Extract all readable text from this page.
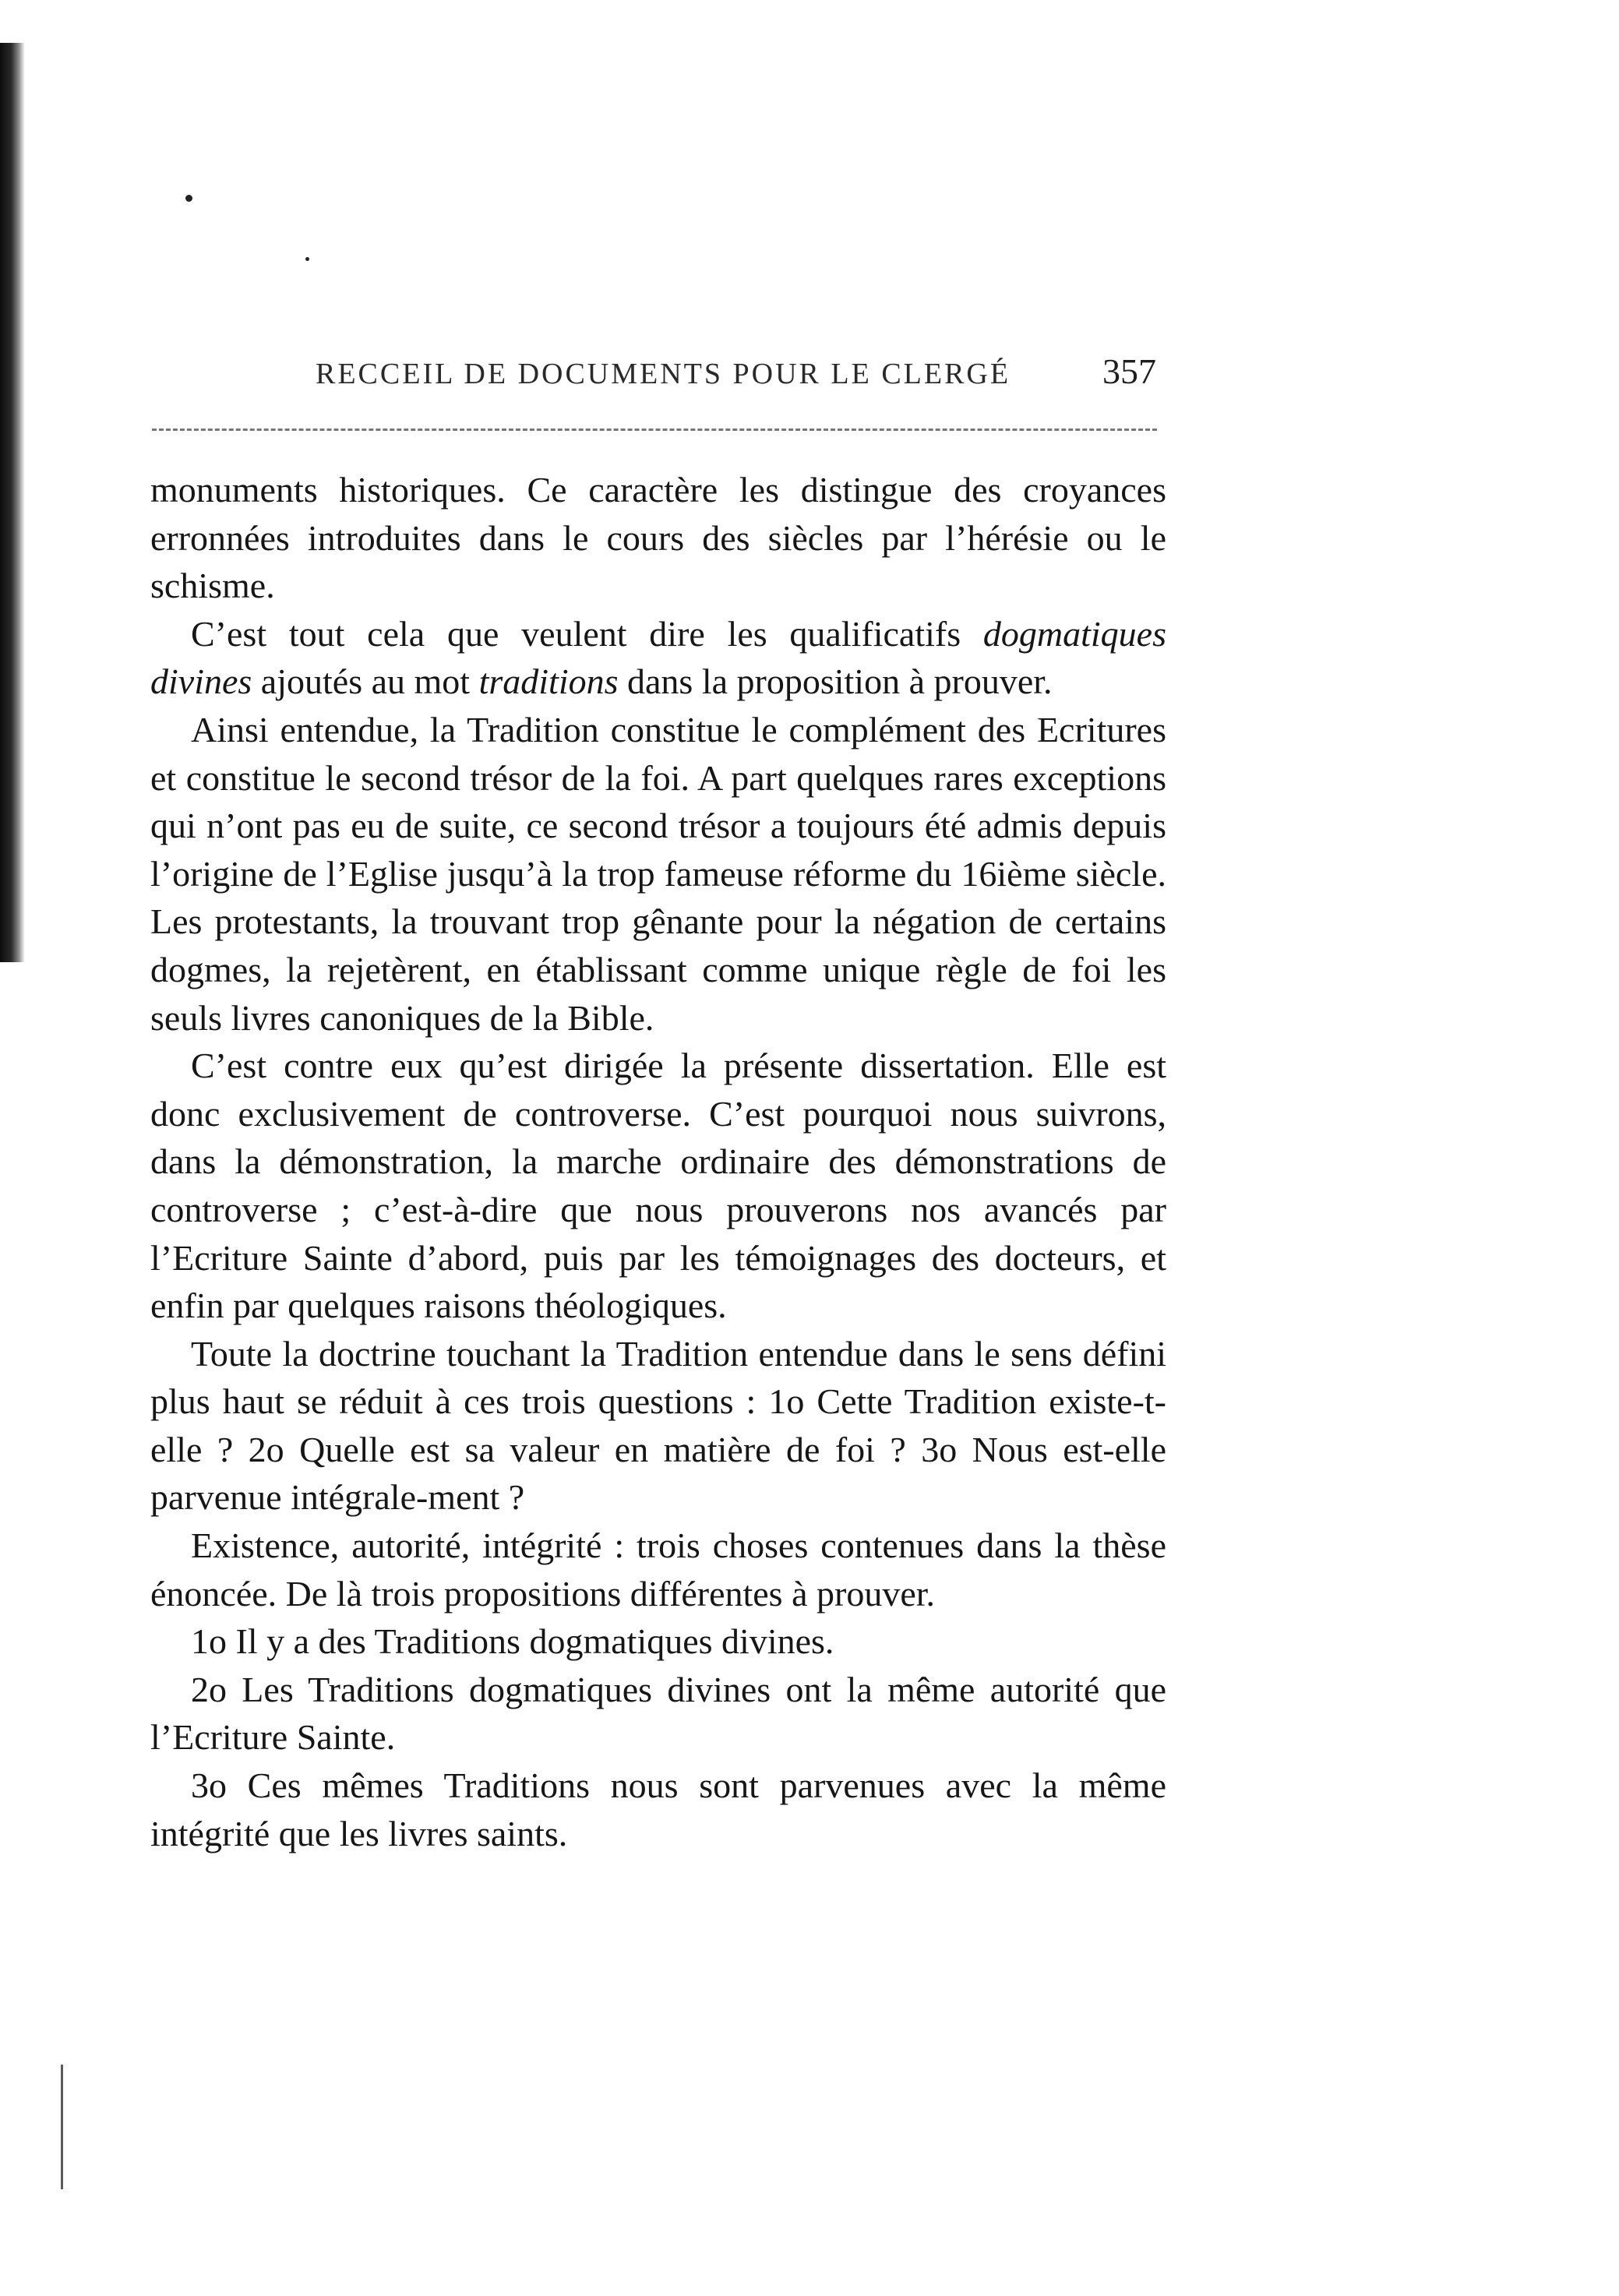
RECCEIL DE DOCUMENTS POUR LE CLERGÉ	357

monuments historiques. Ce caractère les distingue des croyances erronnées introduites dans le cours des siècles par l’hérésie ou le schisme.

C’est tout cela que veulent dire les qualificatifs dogmatiques divines ajoutés au mot traditions dans la proposition à prouver.

Ainsi entendue, la Tradition constitue le complément des Ecritures et constitue le second trésor de la foi. A part quelques rares exceptions qui n’ont pas eu de suite, ce second trésor a toujours été admis depuis l’origine de l’Eglise jusqu’à la trop fameuse réforme du 16ième siècle. Les protestants, la trouvant trop gênante pour la négation de certains dogmes, la rejetèrent, en établissant comme unique règle de foi les seuls livres canoniques de la Bible.

C’est contre eux qu’est dirigée la présente dissertation. Elle est donc exclusivement de controverse. C’est pourquoi nous suivrons, dans la démonstration, la marche ordinaire des démonstrations de controverse ; c’est-à-dire que nous prouverons nos avancés par l’Ecriture Sainte d’abord, puis par les témoignages des docteurs, et enfin par quelques raisons théologiques.

Toute la doctrine touchant la Tradition entendue dans le sens défini plus haut se réduit à ces trois questions : 1o Cette Tradition existe-t-elle ? 2o Quelle est sa valeur en matière de foi ? 3o Nous est-elle parvenue intégrale-ment ?

Existence, autorité, intégrité : trois choses contenues dans la thèse énoncée. De là trois propositions différentes à prouver.

1o Il y a des Traditions dogmatiques divines.

2o Les Traditions dogmatiques divines ont la même autorité que l’Ecriture Sainte.

3o Ces mêmes Traditions nous sont parvenues avec la même intégrité que les livres saints.
